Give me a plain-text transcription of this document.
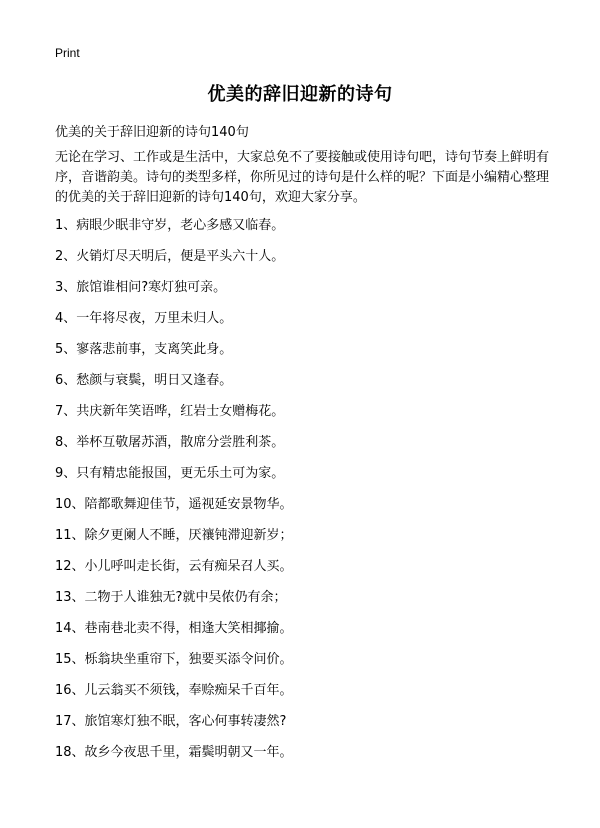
Print
优美的辞旧迎新的诗句
优美的关于辞旧迎新的诗句140句
无论在学习、工作或是生活中，大家总免不了要接触或使用诗句吧，诗句节奏上鲜明有序，音谐韵美。诗句的类型多样，你所见过的诗句是什么样的呢？下面是小编精心整理的优美的关于辞旧迎新的诗句140句，欢迎大家分享。
1、病眼少眠非守岁，老心多感又临春。
2、火销灯尽天明后，便是平头六十人。
3、旅馆谁相问?寒灯独可亲。
4、一年将尽夜，万里未归人。
5、寥落悲前事，支离笑此身。
6、愁颜与衰鬓，明日又逢春。
7、共庆新年笑语哗，红岩士女赠梅花。
8、举杯互敬屠苏酒，散席分尝胜利茶。
9、只有精忠能报国，更无乐土可为家。
10、陪都歌舞迎佳节，遥视延安景物华。
11、除夕更阑人不睡，厌禳钝滞迎新岁；
12、小儿呼叫走长街，云有痴呆召人买。
13、二物于人谁独无?就中吴侬仍有余；
14、巷南巷北卖不得，相逢大笑相揶揄。
15、栎翁块坐重帘下，独要买添令问价。
16、儿云翁买不须钱，奉赊痴呆千百年。
17、旅馆寒灯独不眠，客心何事转凄然?
18、故乡今夜思千里，霜鬓明朝又一年。
